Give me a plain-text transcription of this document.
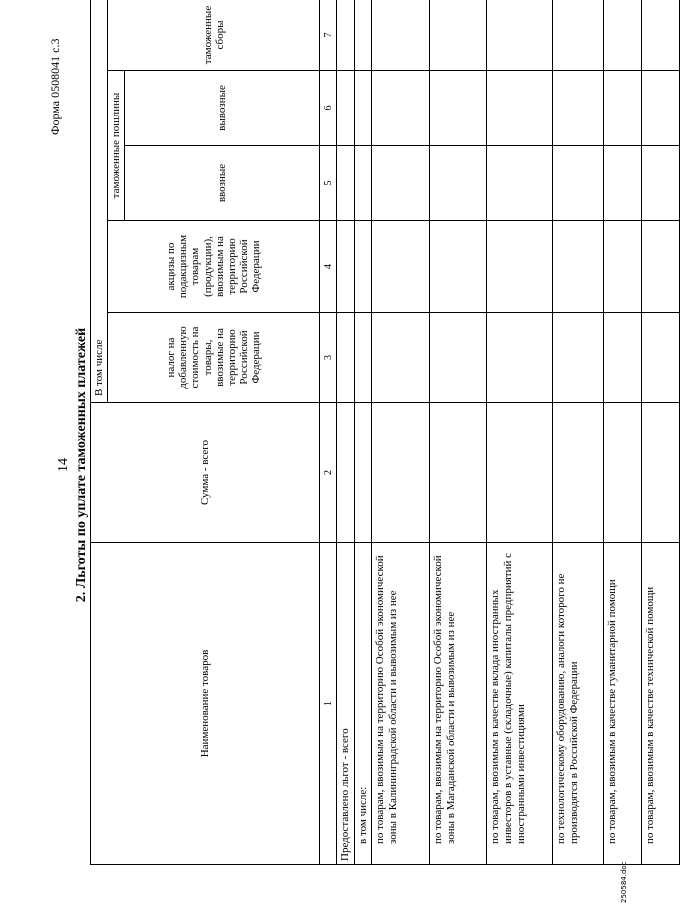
14
Форма 0508041 с.3
2. Льготы по уплате таможенных платежей
Наименование товаров	Сумма - всего	В том числе				
		налог на добавленную стоимость на товары, ввозимые на территорию Российской Федерации	акцизы по подакцизным товарам (продукции), ввозимым на территорию Российской Федерации	таможенные пошлины		таможенные сборы
				ввозные	вывозные	
1	2	3	4	5	6	7
Предоставлено льгот - всего						
в том числе:						
по товарам, ввозимым на территорию Особой экономической зоны в Калининградской области и вывозимым из нее						
по товарам, ввозимым на территорию Особой экономической зоны в Магаданской области и вывозимым из нее						
по товарам, ввозимым в качестве вклада иностранных инвесторов в уставные (складочные) капиталы предприятий с иностранными инвестициями						
по технологическому оборудованию, аналоги которого не производятся в Российской Федерации						
по товарам, ввозимым в качестве гуманитарной помощи						
по товарам, ввозимым в качестве технической помощи						
250584.doc
